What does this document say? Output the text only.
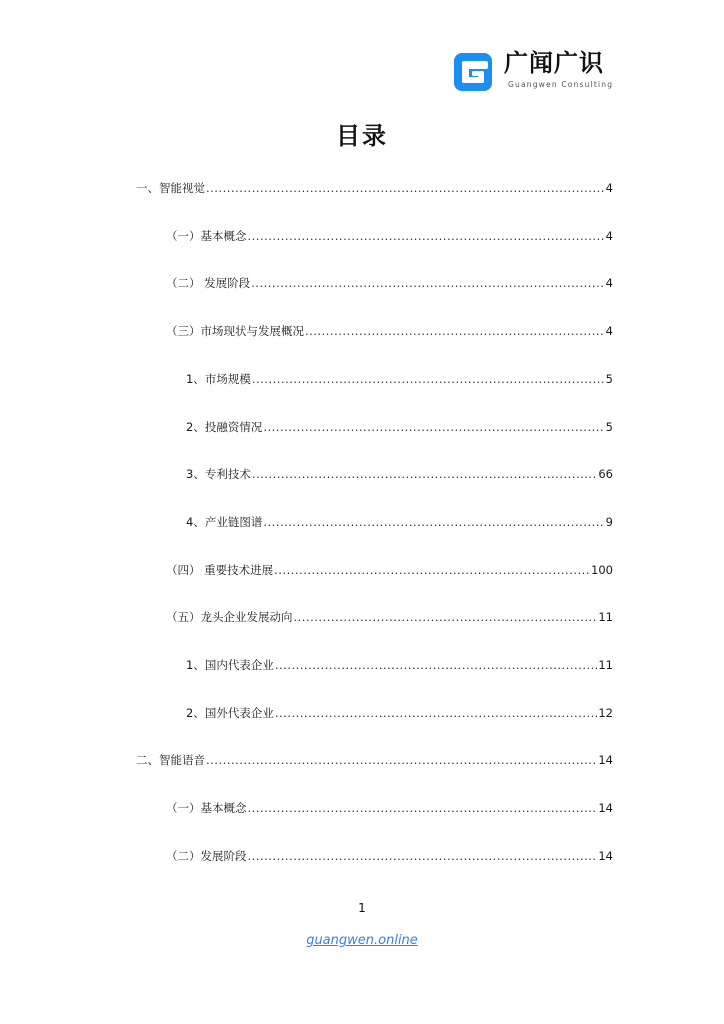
广闻广识
Guangwen Consulting
目录
一、智能视觉 .....	4
（一）基本概念 .....	4
（二） 发展阶段 .....	4
（三）市场现状与发展概况 .....	4
1、市场规模 .....	5
2、投融资情况 .....	5
3、专利技术 .....	66
4、产业链图谱 .....	9
（四） 重要技术进展 .....	100
（五）龙头企业发展动向 .....	11
1、国内代表企业 .....	11
2、国外代表企业 .....	12
二、智能语音 .....	14
（一）基本概念 .....	14
（二）发展阶段 .....	14
1
guangwen.online
